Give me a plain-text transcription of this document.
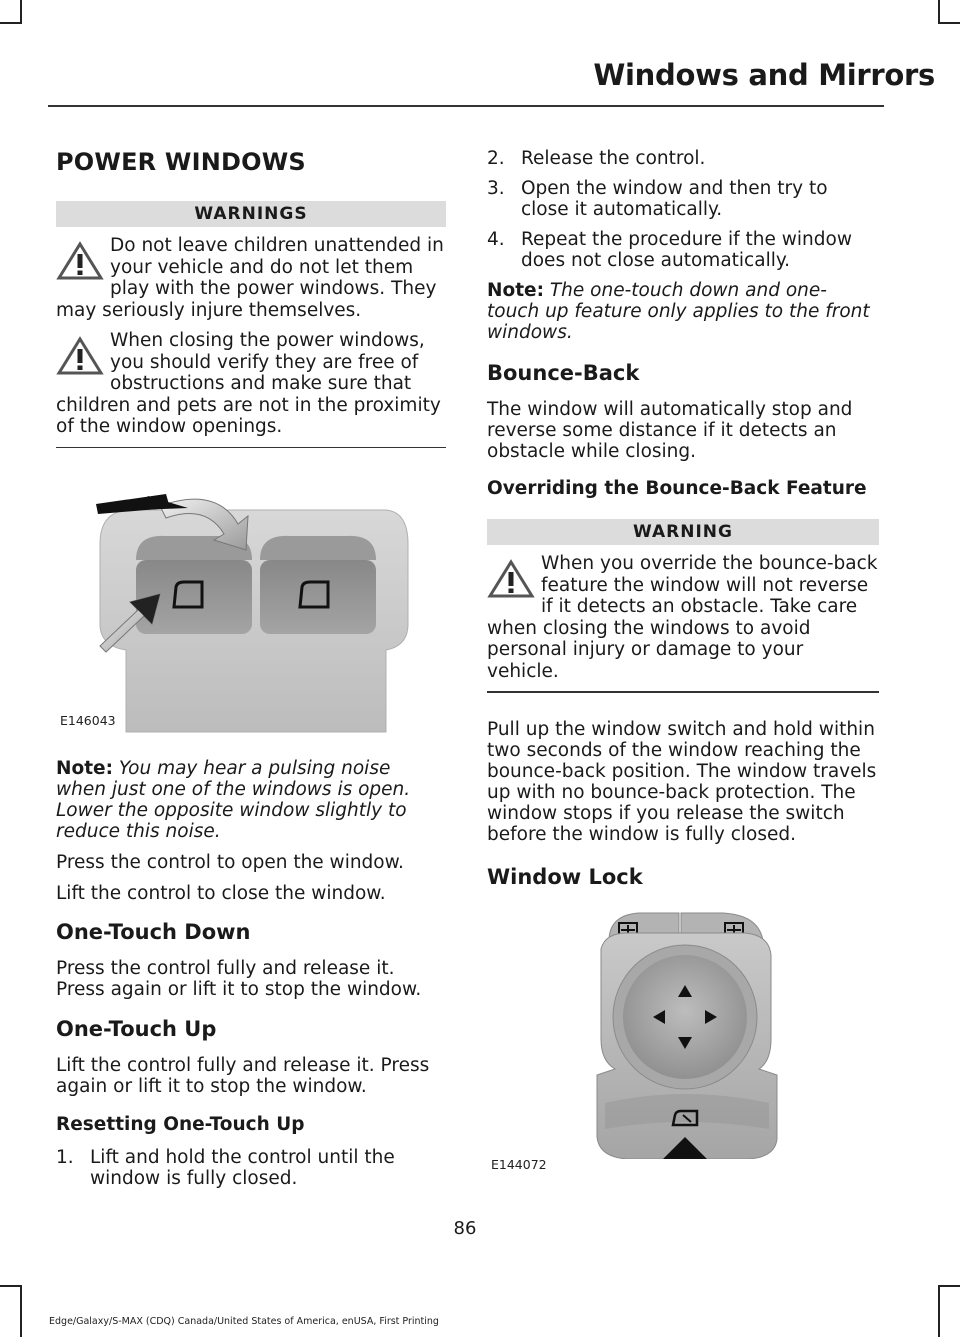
Windows and Mirrors
POWER WINDOWS
WARNINGS

Do not leave children unattended in your vehicle and do not let them play with the power windows. They may seriously injure themselves.

When closing the power windows, you should verify they are free of obstructions and make sure that children and pets are not in the proximity of the window openings.

E146043

Note: You may hear a pulsing noise when just one of the windows is open. Lower the opposite window slightly to reduce this noise.

Press the control to open the window.

Lift the control to close the window.

One-Touch Down

Press the control fully and release it. Press again or lift it to stop the window.

One-Touch Up

Lift the control fully and release it. Press again or lift it to stop the window.

Resetting One-Touch Up
1. Lift and hold the control until the window is fully closed.
2. Release the control.
3. Open the window and then try to close it automatically.
4. Repeat the procedure if the window does not close automatically.

Note: The one-touch down and one-touch up feature only applies to the front windows.

Bounce-Back

The window will automatically stop and reverse some distance if it detects an obstacle while closing.

Overriding the Bounce-Back Feature
WARNING

When you override the bounce-back feature the window will not reverse if it detects an obstacle. Take care when closing the windows to avoid personal injury or damage to your vehicle.

Pull up the window switch and hold within two seconds of the window reaching the bounce-back position. The window travels up with no bounce-back protection. The window stops if you release the switch before the window is fully closed.

Window Lock
E144072
86
Edge/Galaxy/S-MAX (CDQ) Canada/United States of America, enUSA, First Printing
